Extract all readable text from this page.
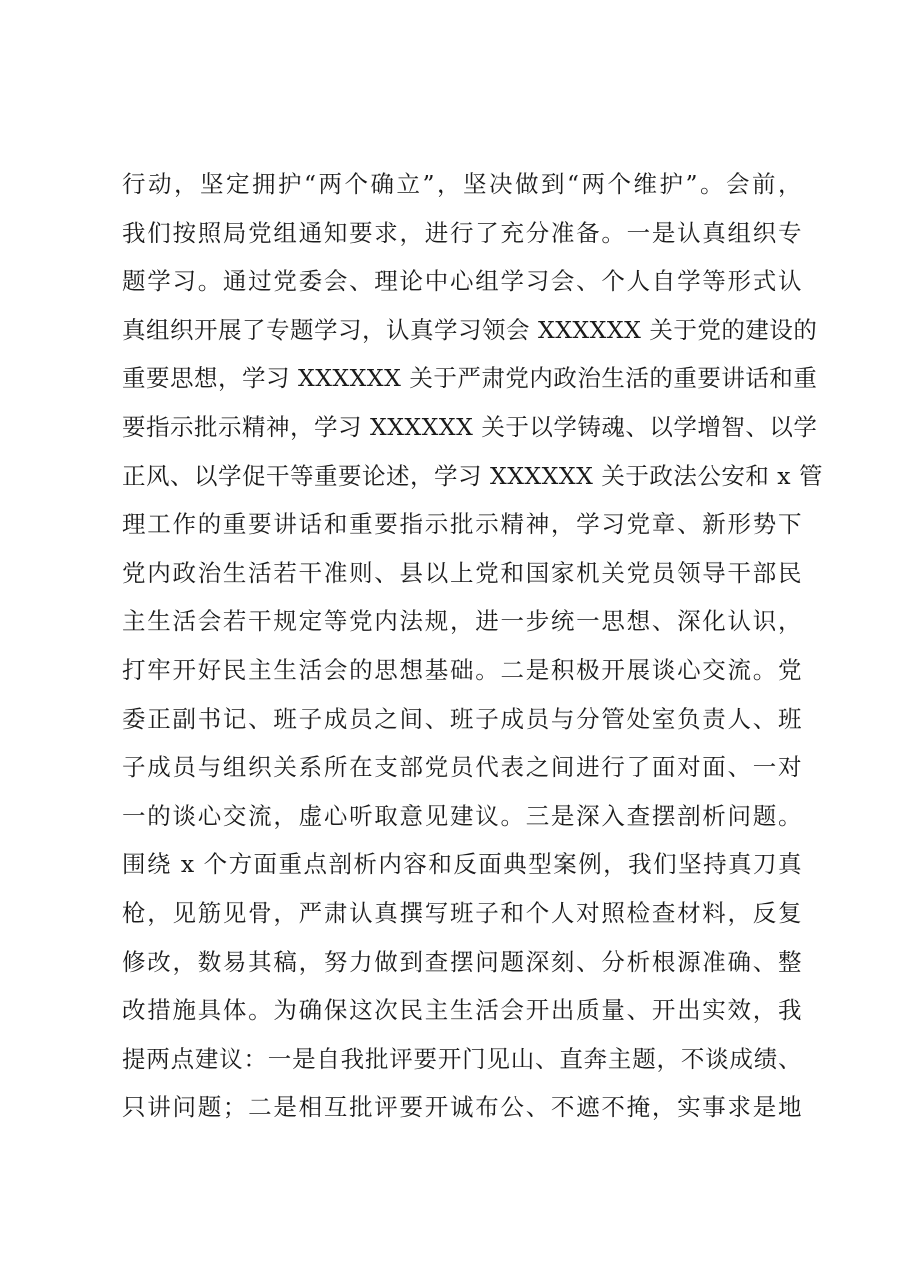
行动，坚定拥护“两个确立”，坚决做到“两个维护”。会前，
我们按照局党组通知要求，进行了充分准备。一是认真组织专
题学习。通过党委会、理论中心组学习会、个人自学等形式认
真组织开展了专题学习，认真学习领会 XXXXXX 关于党的建设的
重要思想，学习 XXXXXX 关于严肃党内政治生活的重要讲话和重
要指示批示精神，学习 XXXXXX 关于以学铸魂、以学增智、以学
正风、以学促干等重要论述，学习 XXXXXX 关于政法公安和 x 管
理工作的重要讲话和重要指示批示精神，学习党章、新形势下
党内政治生活若干准则、县以上党和国家机关党员领导干部民
主生活会若干规定等党内法规，进一步统一思想、深化认识，
打牢开好民主生活会的思想基础。二是积极开展谈心交流。党
委正副书记、班子成员之间、班子成员与分管处室负责人、班
子成员与组织关系所在支部党员代表之间进行了面对面、一对
一的谈心交流，虚心听取意见建议。三是深入查摆剖析问题。
围绕 x 个方面重点剖析内容和反面典型案例，我们坚持真刀真
枪，见筋见骨，严肃认真撰写班子和个人对照检查材料，反复
修改，数易其稿，努力做到查摆问题深刻、分析根源准确、整
改措施具体。为确保这次民主生活会开出质量、开出实效，我
提两点建议：一是自我批评要开门见山、直奔主题，不谈成绩、
只讲问题；二是相互批评要开诚布公、不遮不掩，实事求是地
